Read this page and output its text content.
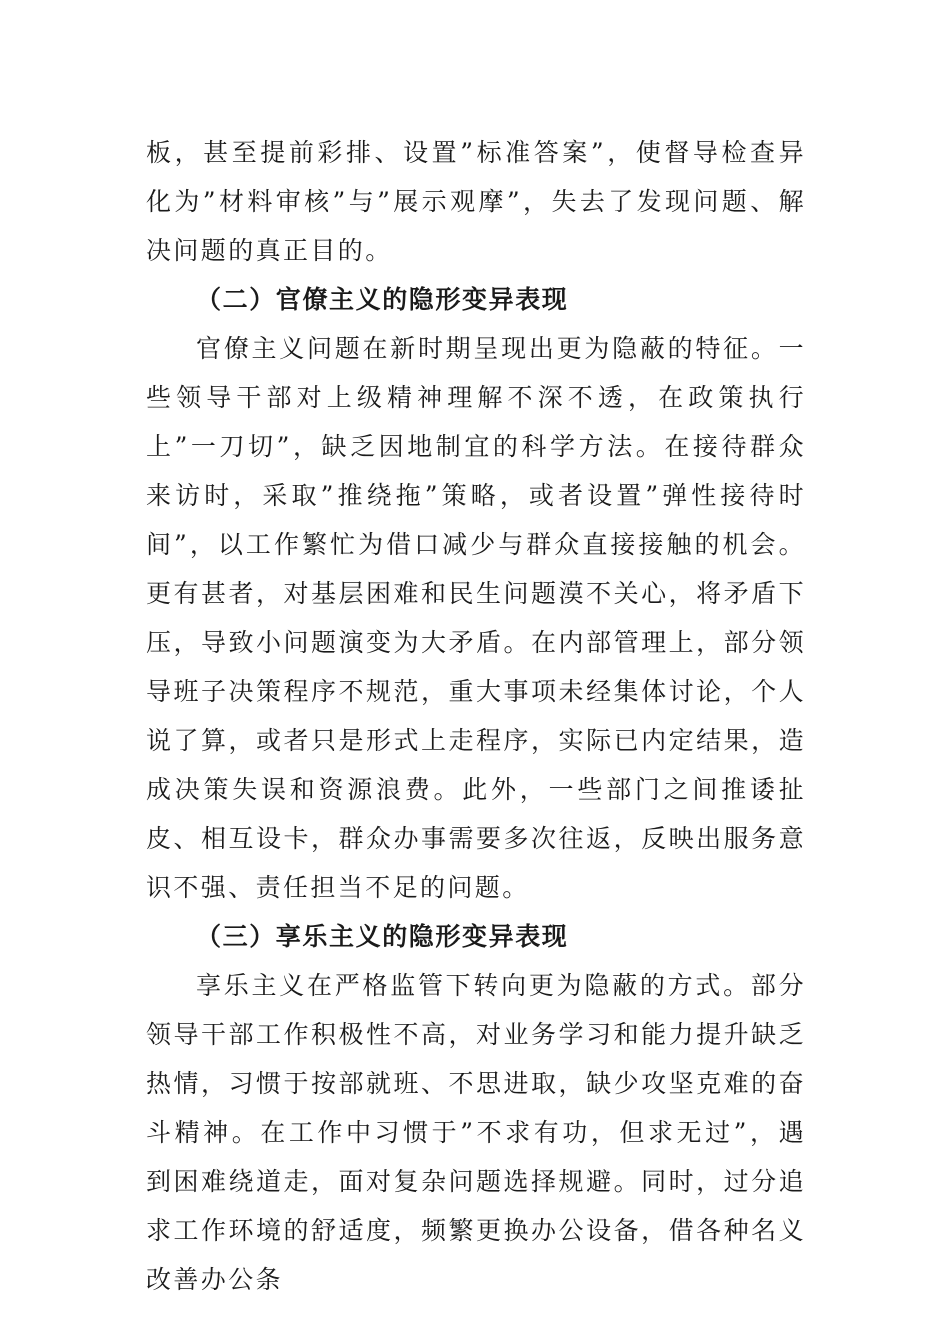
板，甚至提前彩排、设置”标准答案”，使督导检查异化为”材料审核”与”展示观摩”，失去了发现问题、解决问题的真正目的。

（二）官僚主义的隐形变异表现

官僚主义问题在新时期呈现出更为隐蔽的特征。一些领导干部对上级精神理解不深不透，在政策执行上”一刀切”，缺乏因地制宜的科学方法。在接待群众来访时，采取”推绕拖”策略，或者设置”弹性接待时间”，以工作繁忙为借口减少与群众直接接触的机会。更有甚者，对基层困难和民生问题漠不关心，将矛盾下压，导致小问题演变为大矛盾。在内部管理上，部分领导班子决策程序不规范，重大事项未经集体讨论，个人说了算，或者只是形式上走程序，实际已内定结果，造成决策失误和资源浪费。此外，一些部门之间推诿扯皮、相互设卡，群众办事需要多次往返，反映出服务意识不强、责任担当不足的问题。

（三）享乐主义的隐形变异表现

享乐主义在严格监管下转向更为隐蔽的方式。部分领导干部工作积极性不高，对业务学习和能力提升缺乏热情，习惯于按部就班、不思进取，缺少攻坚克难的奋斗精神。在工作中习惯于”不求有功，但求无过”，遇到困难绕道走，面对复杂问题选择规避。同时，过分追求工作环境的舒适度，频繁更换办公设备，借各种名义改善办公条
